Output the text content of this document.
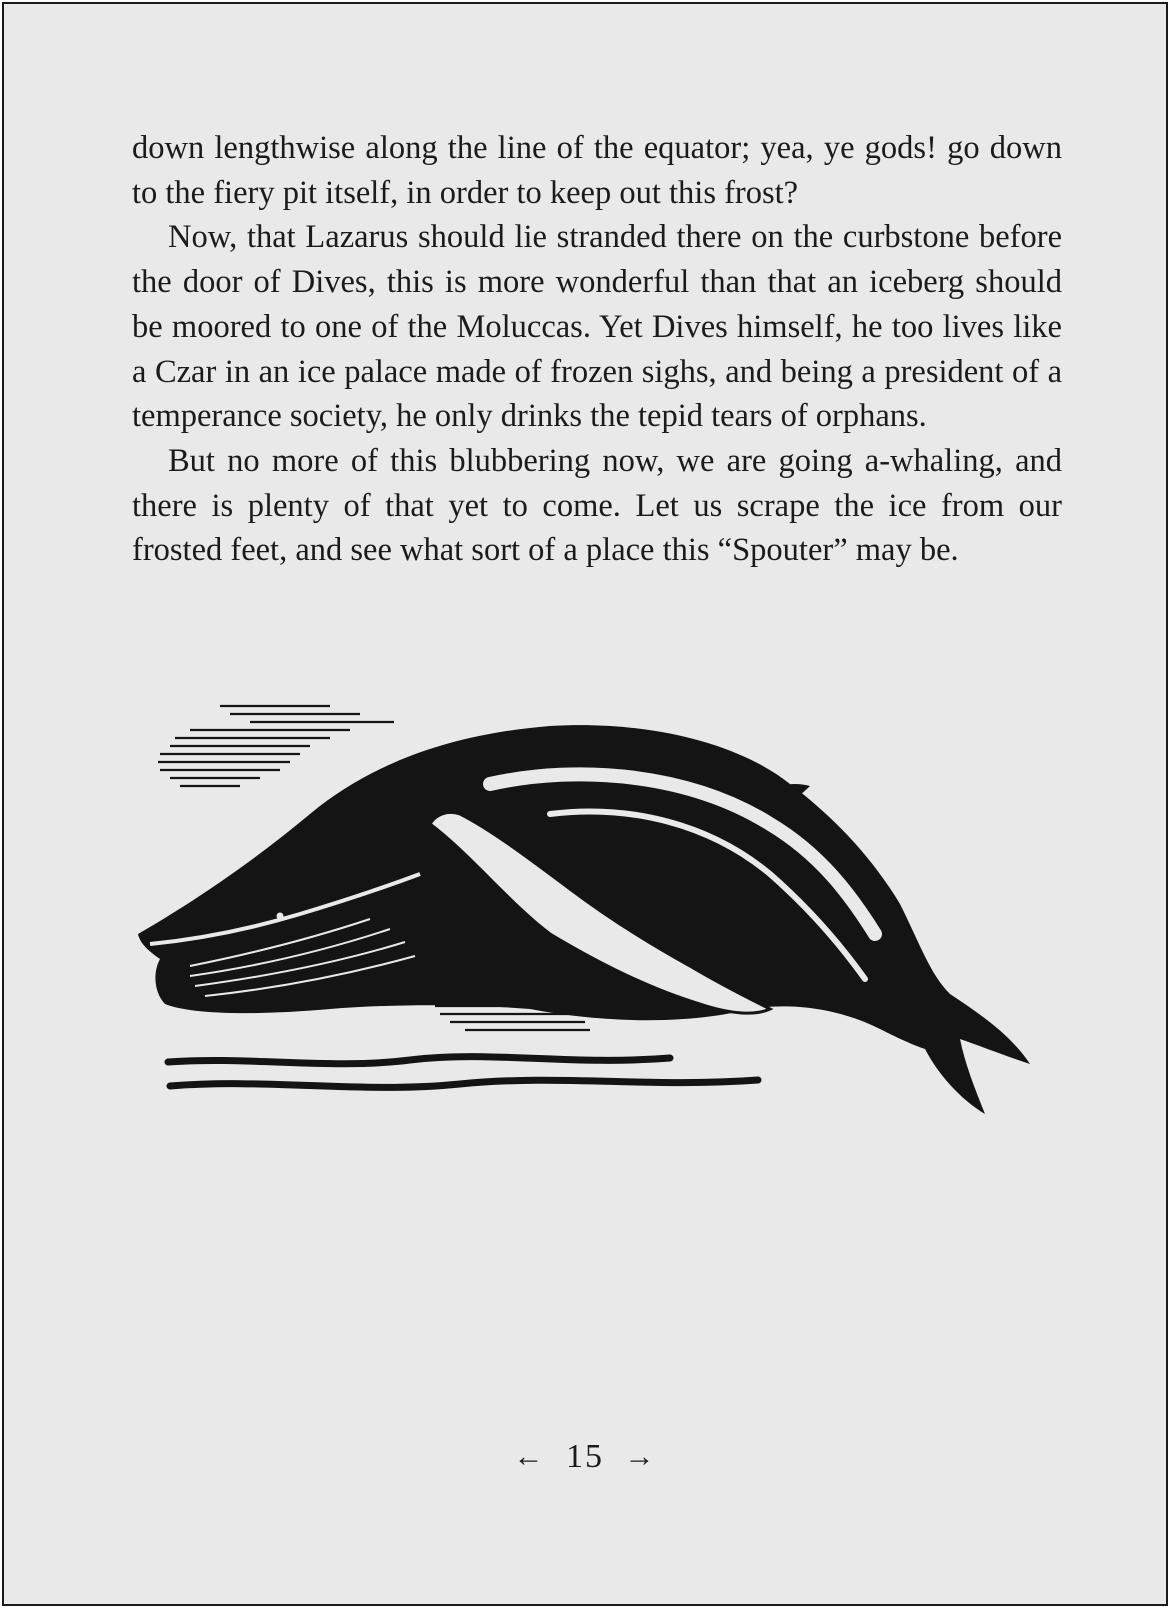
down lengthwise along the line of the equator; yea, ye gods! go down to the fiery pit itself, in order to keep out this frost?

Now, that Lazarus should lie stranded there on the curbstone before the door of Dives, this is more wonderful than that an iceberg should be moored to one of the Moluccas. Yet Dives himself, he too lives like a Czar in an ice palace made of frozen sighs, and being a president of a temperance society, he only drinks the tepid tears of orphans.

But no more of this blubbering now, we are going a-whaling, and there is plenty of that yet to come. Let us scrape the ice from our frosted feet, and see what sort of a place this “Spouter” may be.

← 15 →
